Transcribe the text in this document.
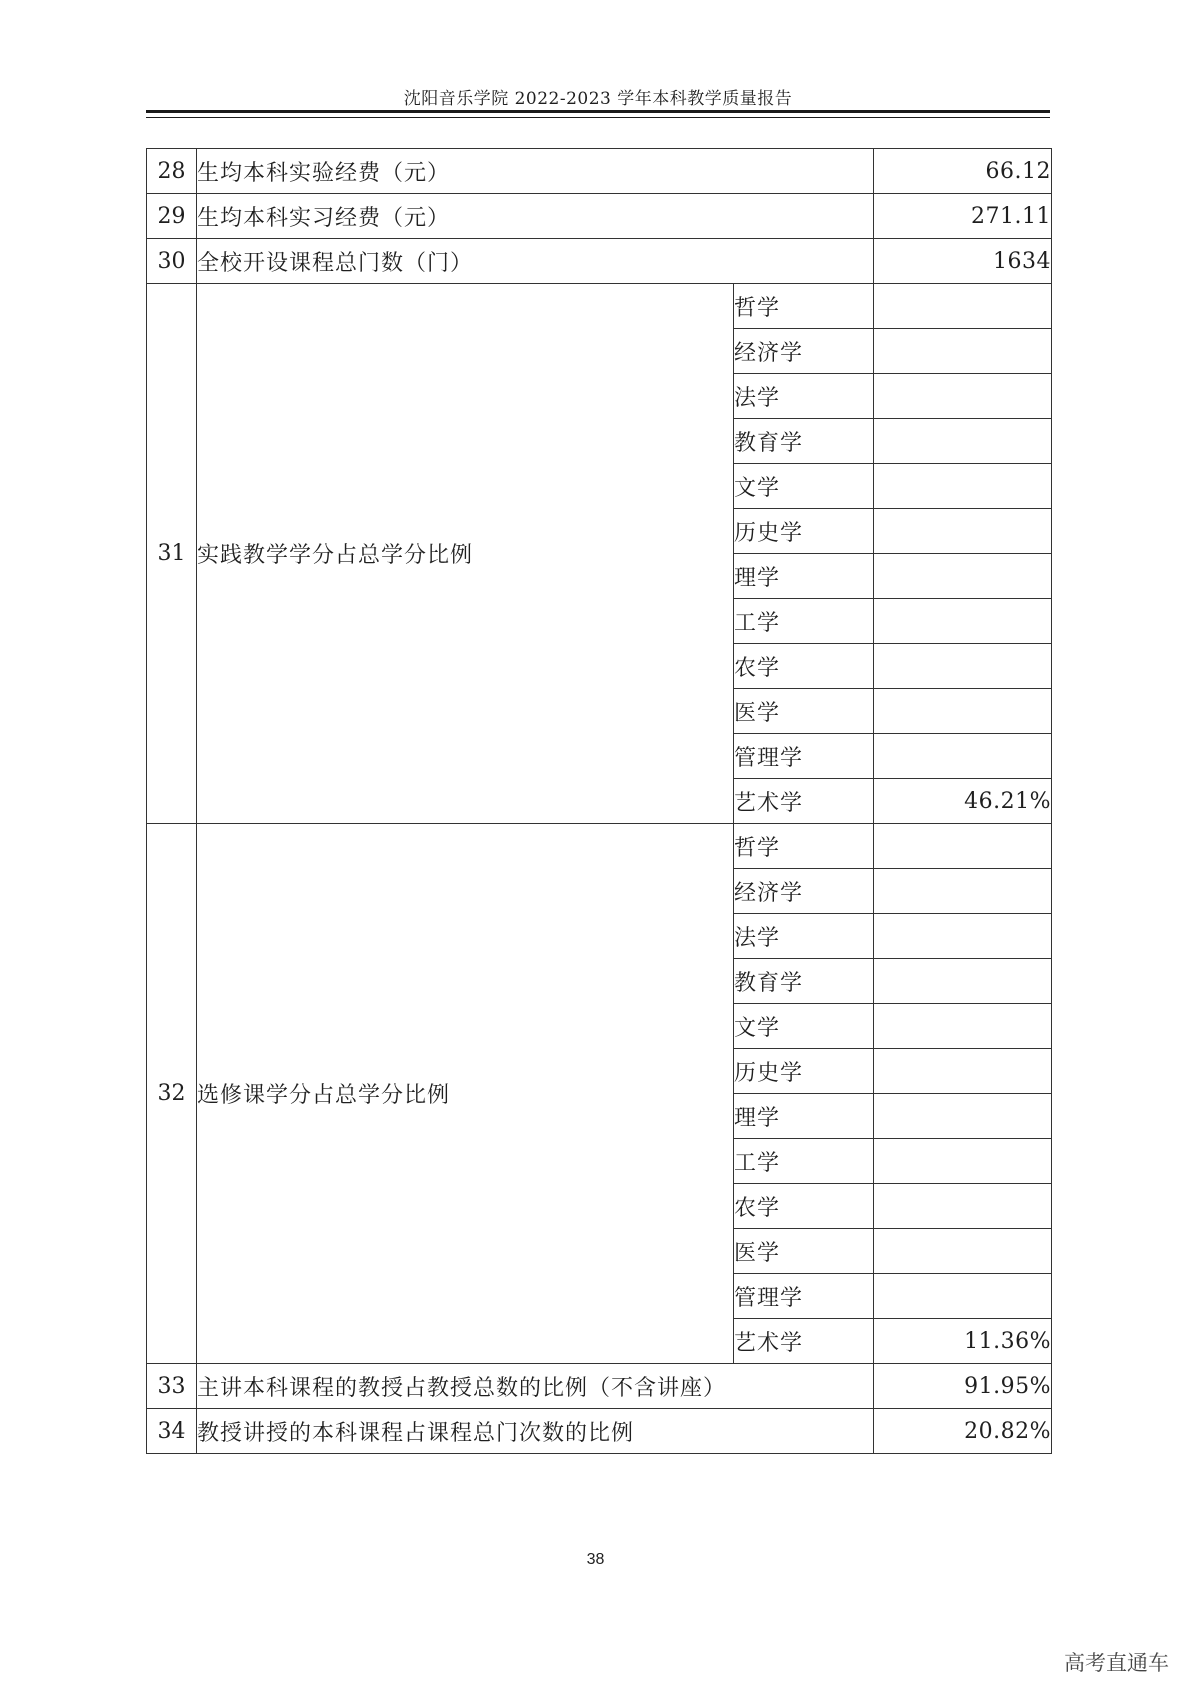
沈阳音乐学院 2022-2023 学年本科教学质量报告
28	生均本科实验经费（元）		66.12
29	生均本科实习经费（元）		271.11
30	全校开设课程总门数（门）		1634
31	实践教学学分占总学分比例	哲学	
		经济学	
		法学	
		教育学	
		文学	
		历史学	
		理学	
		工学	
		农学	
		医学	
		管理学	
		艺术学	46.21%
32	选修课学分占总学分比例	哲学	
		经济学	
		法学	
		教育学	
		文学	
		历史学	
		理学	
		工学	
		农学	
		医学	
		管理学	
		艺术学	11.36%
33	主讲本科课程的教授占教授总数的比例（不含讲座）		91.95%
34	教授讲授的本科课程占课程总门次数的比例		20.82%
38
高考直通车
